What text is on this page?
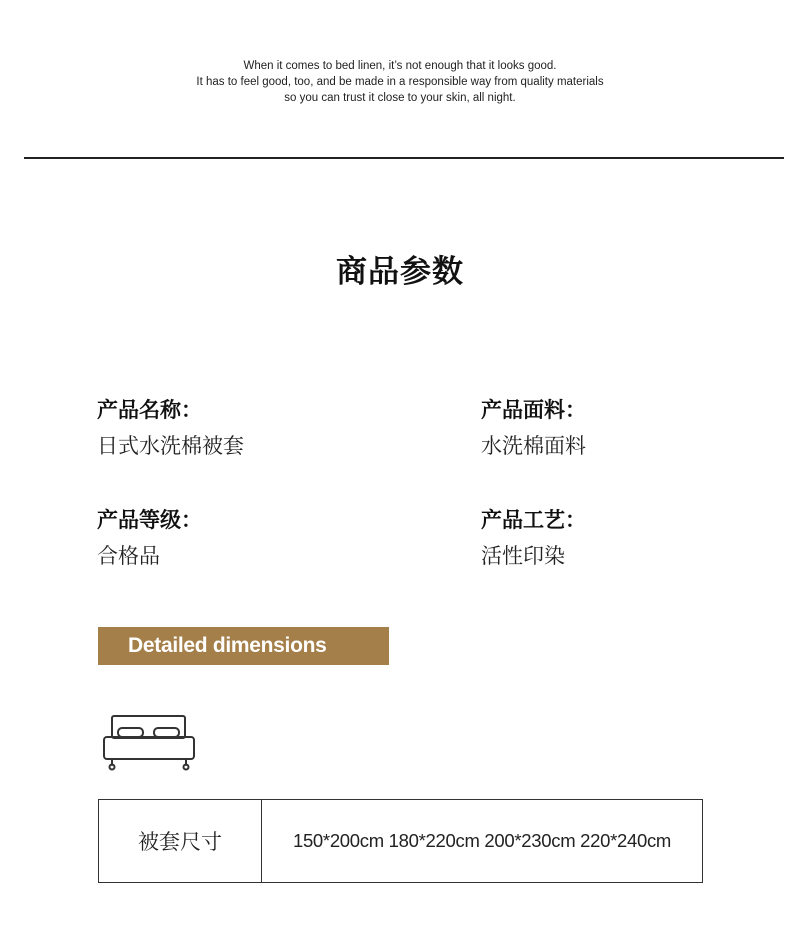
When it comes to bed linen, it’s not enough that it looks good.
It has to feel good, too, and be made in a responsible way from quality materials
so you can trust it close to your skin, all night.
商品参数
产品名称：
日式水洗棉被套
产品面料：
水洗棉面料
产品等级：
合格品
产品工艺：
活性印染
Detailed dimensions
被套尺寸	150*200cm 180*220cm 200*230cm 220*240cm
